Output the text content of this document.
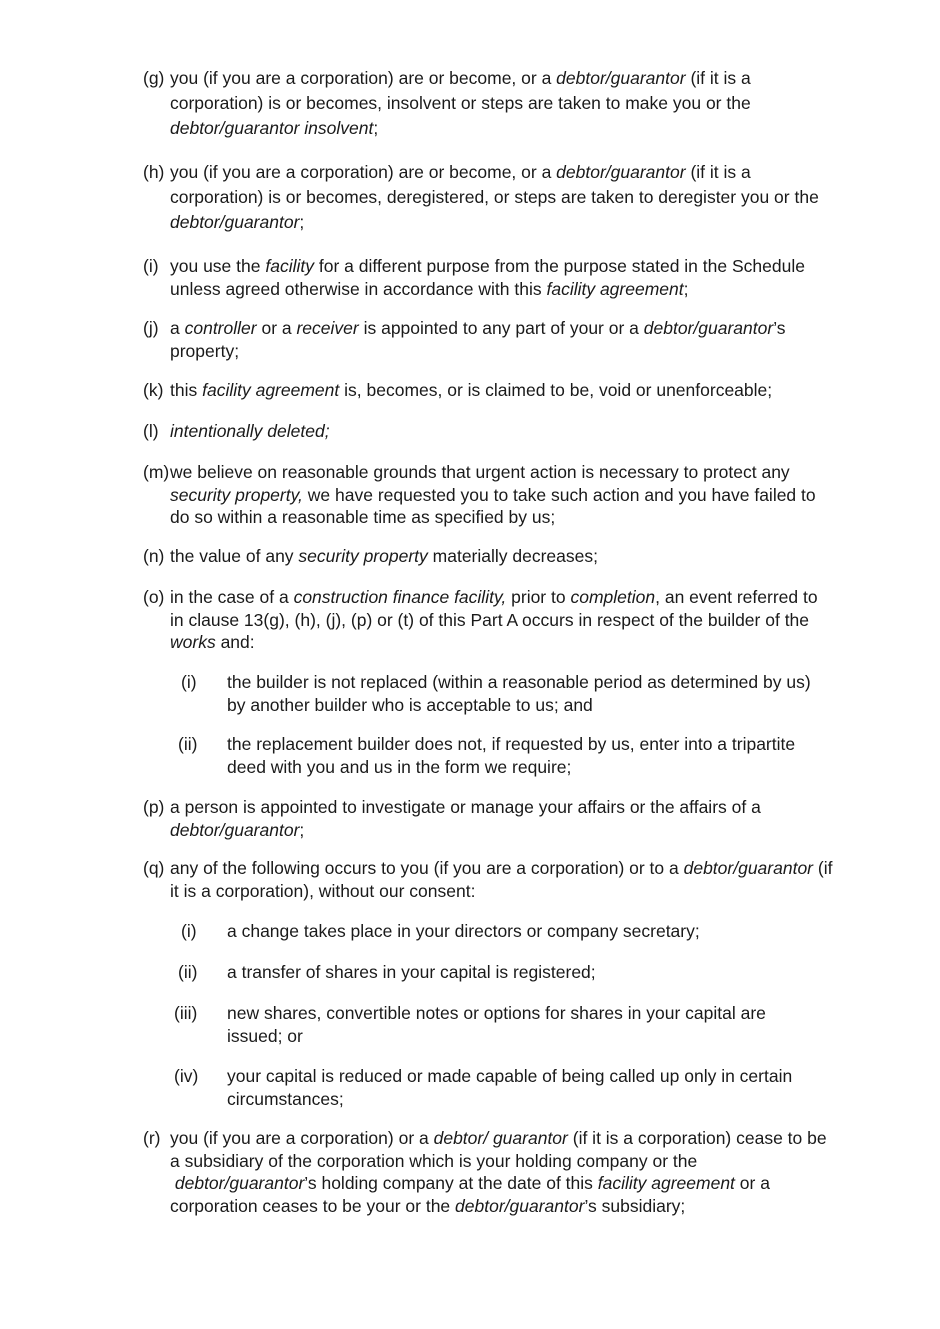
(g) you (if you are a corporation) are or become, or a debtor/guarantor (if it is a corporation) is or becomes, insolvent or steps are taken to make you or the debtor/guarantor insolvent;
(h) you (if you are a corporation) are or become, or a debtor/guarantor (if it is a corporation) is or becomes, deregistered, or steps are taken to deregister you or the debtor/guarantor;
(i) you use the facility for a different purpose from the purpose stated in the Schedule unless agreed otherwise in accordance with this facility agreement;
(j) a controller or a receiver is appointed to any part of your or a debtor/guarantor’s property;
(k) this facility agreement is, becomes, or is claimed to be, void or unenforceable;
(l) intentionally deleted;
(m) we believe on reasonable grounds that urgent action is necessary to protect any security property, we have requested you to take such action and you have failed to do so within a reasonable time as specified by us;
(n) the value of any security property materially decreases;
(o) in the case of a construction finance facility, prior to completion, an event referred to in clause 13(g), (h), (j), (p) or (t) of this Part A occurs in respect of the builder of the works and:
(i)	the builder is not replaced (within a reasonable period as determined by us) by another builder who is acceptable to us; and
(ii)	the replacement builder does not, if requested by us, enter into a tripartite deed with you and us in the form we require;
(p) a person is appointed to investigate or manage your affairs or the affairs of a debtor/guarantor;
(q) any of the following occurs to you (if you are a corporation) or to a debtor/guarantor (if it is a corporation), without our consent:
(i)	a change takes place in your directors or company secretary;
(ii)	a transfer of shares in your capital is registered;
(iii)	new shares, convertible notes or options for shares in your capital are issued; or
(iv)	your capital is reduced or made capable of being called up only in certain circumstances;
(r) you (if you are a corporation) or a debtor/ guarantor (if it is a corporation) cease to be a subsidiary of the corporation which is your holding company or the  debtor/guarantor’s holding company at the date of this facility agreement or a corporation ceases to be your or the debtor/guarantor’s subsidiary;
